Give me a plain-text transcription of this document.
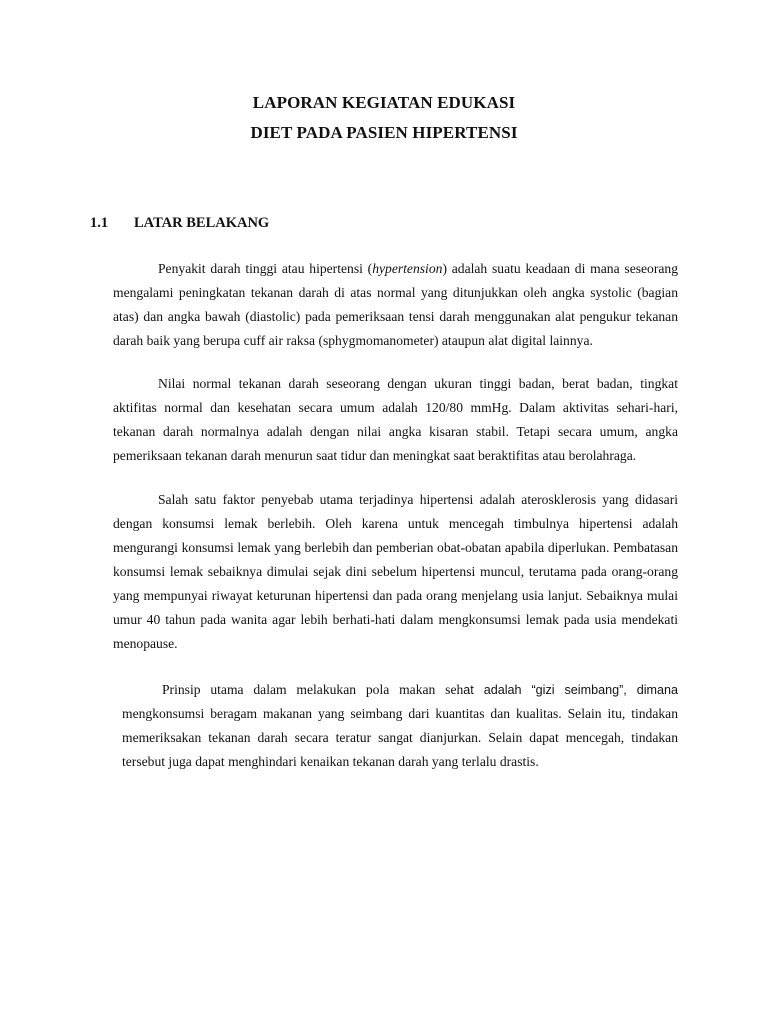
LAPORAN KEGIATAN EDUKASI
DIET PADA PASIEN HIPERTENSI
1.1 LATAR BELAKANG

Penyakit darah tinggi atau hipertensi (hypertension) adalah suatu keadaan di mana seseorang mengalami peningkatan tekanan darah di atas normal yang ditunjukkan oleh angka systolic (bagian atas) dan angka bawah (diastolic) pada pemeriksaan tensi darah menggunakan alat pengukur tekanan darah baik yang berupa cuff air raksa (sphygmomanometer) ataupun alat digital lainnya.

Nilai normal tekanan darah seseorang dengan ukuran tinggi badan, berat badan, tingkat aktifitas normal dan kesehatan secara umum adalah 120/80 mmHg. Dalam aktivitas sehari-hari, tekanan darah normalnya adalah dengan nilai angka kisaran stabil. Tetapi secara umum, angka pemeriksaan tekanan darah menurun saat tidur dan meningkat saat beraktifitas atau berolahraga.

Salah satu faktor penyebab utama terjadinya hipertensi adalah aterosklerosis yang didasari dengan konsumsi lemak berlebih. Oleh karena untuk mencegah timbulnya hipertensi adalah mengurangi konsumsi lemak yang berlebih dan pemberian obat-obatan apabila diperlukan. Pembatasan konsumsi lemak sebaiknya dimulai sejak dini sebelum hipertensi muncul, terutama pada orang-orang yang mempunyai riwayat keturunan hipertensi dan pada orang menjelang usia lanjut. Sebaiknya mulai umur 40 tahun pada wanita agar lebih berhati-hati dalam mengkonsumsi lemak pada usia mendekati menopause.

Prinsip utama dalam melakukan pola makan sehat adalah “gizi seimbang”, dimana mengkonsumsi beragam makanan yang seimbang dari kuantitas dan kualitas. Selain itu, tindakan memeriksakan tekanan darah secara teratur sangat dianjurkan. Selain dapat mencegah, tindakan tersebut juga dapat menghindari kenaikan tekanan darah yang terlalu drastis.
